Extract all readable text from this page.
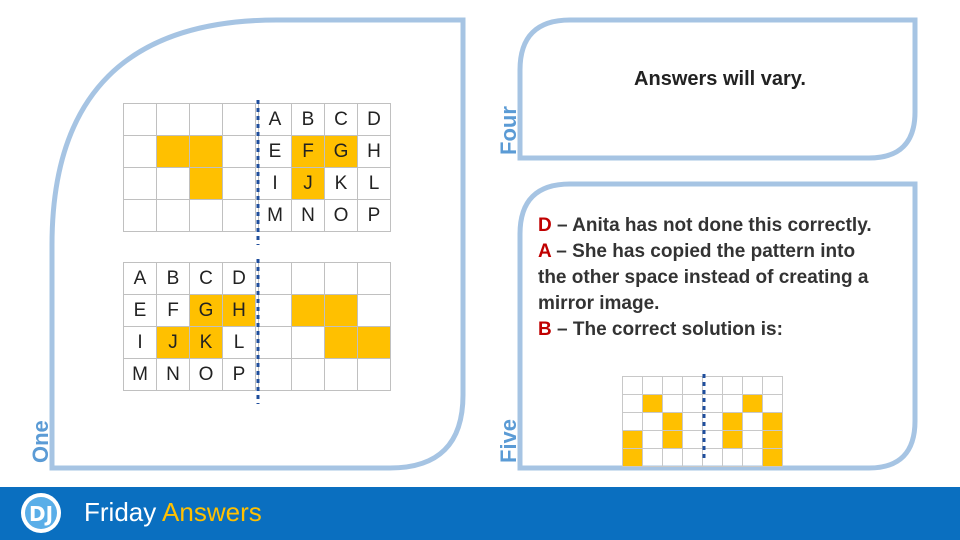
Four
Five
One
Answers will vary.

A	B	C	D
E	F	G	H
I	J	K	L
M	N	O	P
A	B	C	D
E	F	G	H
I	J	K	L
M	N	O	P

D – Anita has not done this correctly.
A – She has copied the pattern into the other space instead of creating a mirror image.
B – The correct solution is:

DJ Friday Answers
